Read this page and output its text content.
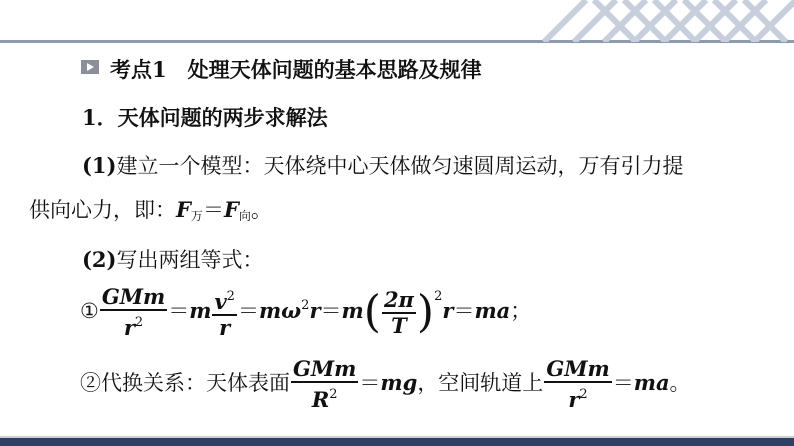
考点1　处理天体问题的基本思路及规律
1．天体问题的两步求解法
(1)建立一个模型：天体绕中心天体做匀速圆周运动，万有引力提
供向心力，即：$F_万=F_向$。
(2)写出两组等式：
① $\frac{\text{GMm}}{r^2} =m \frac{v^2}{r} =m\omega^2r=m( \frac{2\pi}{T} )^2r=ma$；
②代换关系：天体表面 $\frac{\text{GMm}}{R^2} =mg$，空间轨道上 $\frac{\text{GMm}}{r^2} =ma$。
